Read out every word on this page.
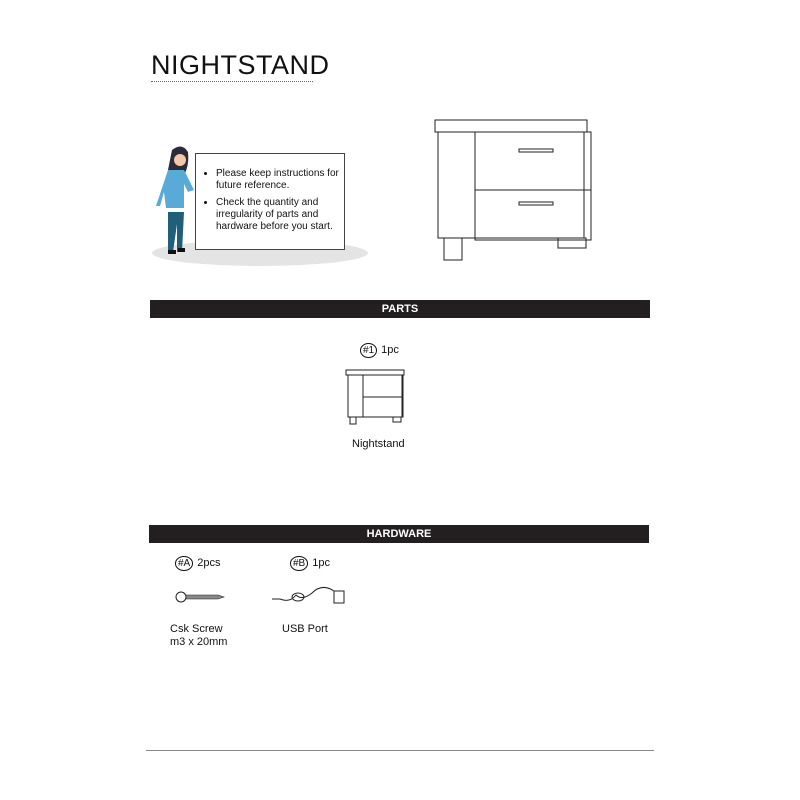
NIGHTSTAND
• Please keep instructions for future reference.
• Check the quantity and irregularity of parts and hardware before you start.
PARTS
#1 1pc
Nightstand
HARDWARE
#A 2pcs
Csk Screw
m3 x 20mm
#B 1pc
USB Port
